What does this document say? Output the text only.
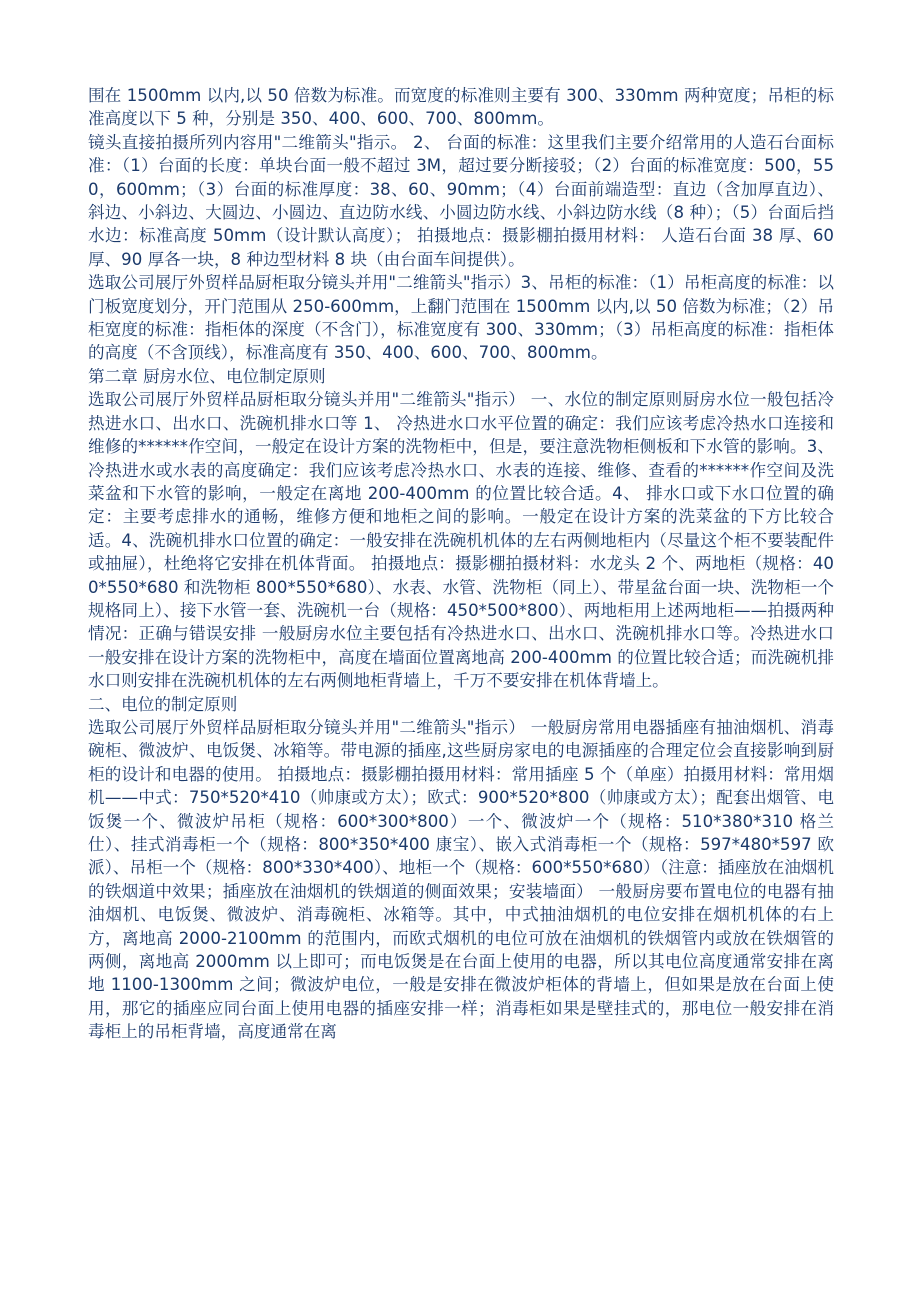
围在 1500mm 以内,以 50 倍数为标准。而宽度的标准则主要有 300、330mm 两种宽度；吊柜的标准高度以下 5 种，分别是 350、400、600、700、800mm。

镜头直接拍摄所列内容用"二维箭头"指示。 2、 台面的标准：这里我们主要介绍常用的人造石台面标准：（1）台面的长度：单块台面一般不超过 3M，超过要分断接驳；（2）台面的标准宽度：500，550，600mm；（3）台面的标准厚度：38、60、90mm；（4）台面前端造型：直边（含加厚直边）、斜边、小斜边、大圆边、小圆边、直边防水线、小圆边防水线、小斜边防水线（8 种）；（5）台面后挡水边：标准高度 50mm（设计默认高度）； 拍摄地点：摄影棚拍摄用材料： 人造石台面 38 厚、60 厚、90 厚各一块，8 种边型材料 8 块（由台面车间提供）。

选取公司展厅外贸样品厨柜取分镜头并用"二维箭头"指示）3、吊柜的标准：（1）吊柜高度的标准：以门板宽度划分，开门范围从 250-600mm，上翻门范围在 1500mm 以内,以 50 倍数为标准；（2）吊柜宽度的标准：指柜体的深度（不含门），标准宽度有 300、330mm；（3）吊柜高度的标准：指柜体的高度（不含顶线），标准高度有 350、400、600、700、800mm。

第二章 厨房水位、电位制定原则

选取公司展厅外贸样品厨柜取分镜头并用"二维箭头"指示） 一、水位的制定原则厨房水位一般包括冷热进水口、出水口、洗碗机排水口等 1、 冷热进水口水平位置的确定：我们应该考虑冷热水口连接和维修的******作空间，一般定在设计方案的洗物柜中，但是，要注意洗物柜侧板和下水管的影响。3、 冷热进水或水表的高度确定：我们应该考虑冷热水口、水表的连接、维修、查看的******作空间及洗菜盆和下水管的影响，一般定在离地 200-400mm 的位置比较合适。4、 排水口或下水口位置的确定：主要考虑排水的通畅，维修方便和地柜之间的影响。一般定在设计方案的洗菜盆的下方比较合适。4、洗碗机排水口位置的确定：一般安排在洗碗机机体的左右两侧地柜内（尽量这个柜不要装配件或抽屉），杜绝将它安排在机体背面。 拍摄地点：摄影棚拍摄材料：水龙头 2 个、两地柜（规格：400*550*680 和洗物柜 800*550*680）、水表、水管、洗物柜（同上）、带星盆台面一块、洗物柜一个规格同上）、接下水管一套、洗碗机一台（规格：450*500*800）、两地柜用上述两地柜——拍摄两种情况：正确与错误安排 一般厨房水位主要包括有冷热进水口、出水口、洗碗机排水口等。冷热进水口一般安排在设计方案的洗物柜中，高度在墙面位置离地高 200-400mm 的位置比较合适；而洗碗机排水口则安排在洗碗机机体的左右两侧地柜背墙上，千万不要安排在机体背墙上。

二、电位的制定原则

选取公司展厅外贸样品厨柜取分镜头并用"二维箭头"指示） 一般厨房常用电器插座有抽油烟机、消毒碗柜、微波炉、电饭煲、冰箱等。带电源的插座,这些厨房家电的电源插座的合理定位会直接影响到厨柜的设计和电器的使用。 拍摄地点：摄影棚拍摄用材料：常用插座 5 个（单座）拍摄用材料：常用烟机——中式：750*520*410（帅康或方太）；欧式：900*520*800（帅康或方太）；配套出烟管、电饭煲一个、微波炉吊柜（规格：600*300*800）一个、微波炉一个（规格：510*380*310 格兰仕）、挂式消毒柜一个（规格：800*350*400 康宝）、嵌入式消毒柜一个（规格：597*480*597 欧派）、吊柜一个（规格：800*330*400）、地柜一个（规格：600*550*680）（注意：插座放在油烟机的铁烟道中效果；插座放在油烟机的铁烟道的侧面效果；安装墙面） 一般厨房要布置电位的电器有抽油烟机、电饭煲、微波炉、消毒碗柜、冰箱等。其中，中式抽油烟机的电位安排在烟机机体的右上方，离地高 2000-2100mm 的范围内，而欧式烟机的电位可放在油烟机的铁烟管内或放在铁烟管的两侧，离地高 2000mm 以上即可；而电饭煲是在台面上使用的电器，所以其电位高度通常安排在离地 1100-1300mm 之间；微波炉电位，一般是安排在微波炉柜体的背墙上，但如果是放在台面上使用，那它的插座应同台面上使用电器的插座安排一样；消毒柜如果是壁挂式的，那电位一般安排在消毒柜上的吊柜背墙，高度通常在离
